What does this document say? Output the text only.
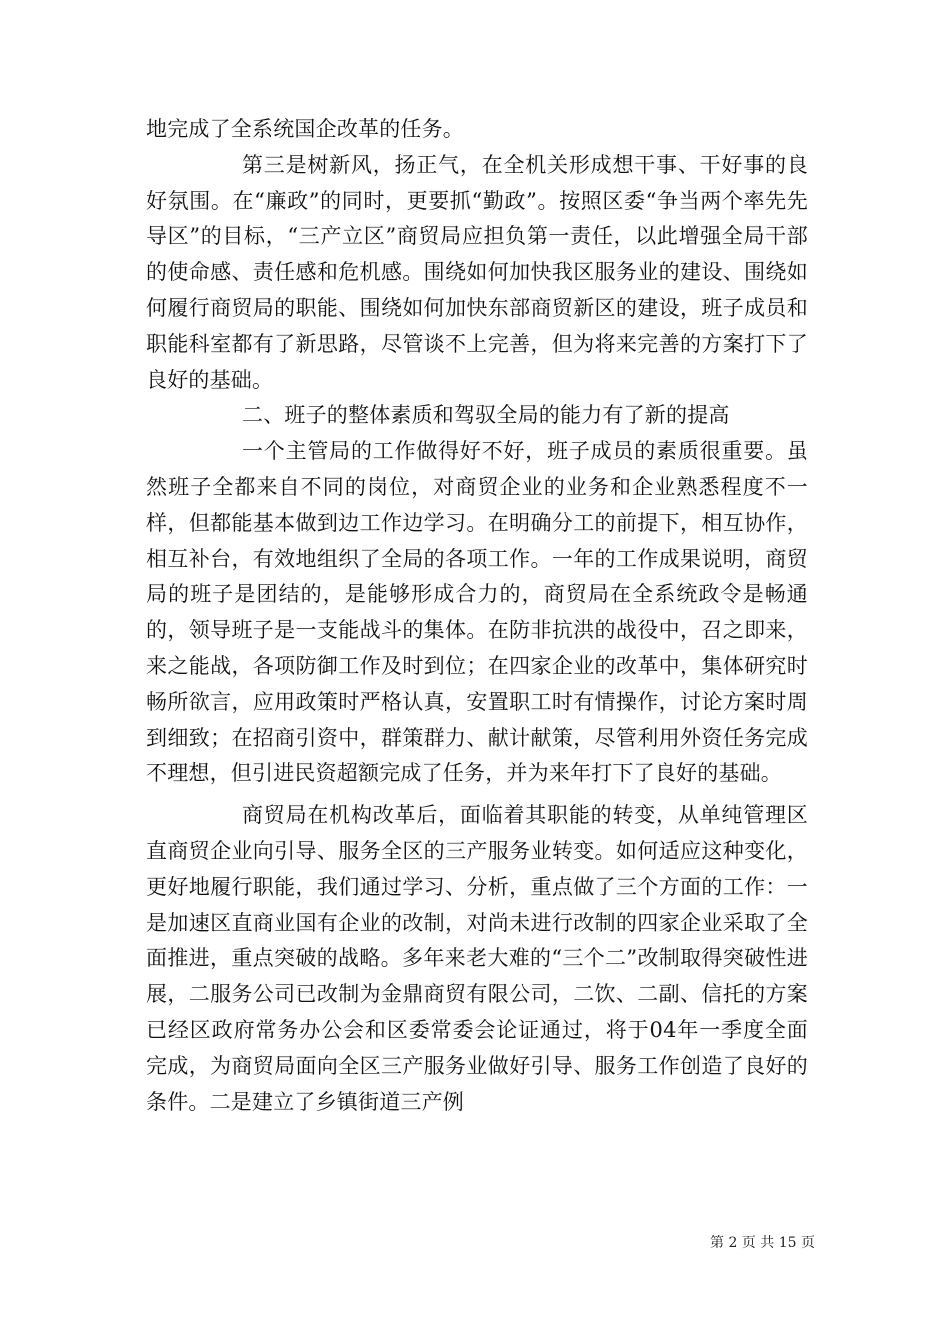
地完成了全系统国企改革的任务。

第三是树新风，扬正气，在全机关形成想干事、干好事的良好氛围。在“廉政”的同时，更要抓“勤政”。按照区委“争当两个率先先导区”的目标，“三产立区”商贸局应担负第一责任，以此增强全局干部的使命感、责任感和危机感。围绕如何加快我区服务业的建设、围绕如何履行商贸局的职能、围绕如何加快东部商贸新区的建设，班子成员和职能科室都有了新思路，尽管谈不上完善，但为将来完善的方案打下了良好的基础。

二、班子的整体素质和驾驭全局的能力有了新的提高

一个主管局的工作做得好不好，班子成员的素质很重要。虽然班子全都来自不同的岗位，对商贸企业的业务和企业熟悉程度不一样，但都能基本做到边工作边学习。在明确分工的前提下，相互协作，相互补台，有效地组织了全局的各项工作。一年的工作成果说明，商贸局的班子是团结的，是能够形成合力的，商贸局在全系统政令是畅通的，领导班子是一支能战斗的集体。在防非抗洪的战役中，召之即来，来之能战，各项防御工作及时到位；在四家企业的改革中，集体研究时畅所欲言，应用政策时严格认真，安置职工时有情操作，讨论方案时周到细致；在招商引资中，群策群力、献计献策，尽管利用外资任务完成不理想，但引进民资超额完成了任务，并为来年打下了良好的基础。

商贸局在机构改革后，面临着其职能的转变，从单纯管理区直商贸企业向引导、服务全区的三产服务业转变。如何适应这种变化，更好地履行职能，我们通过学习、分析，重点做了三个方面的工作：一是加速区直商业国有企业的改制，对尚未进行改制的四家企业采取了全面推进，重点突破的战略。多年来老大难的“三个二”改制取得突破性进展，二服务公司已改制为金鼎商贸有限公司，二饮、二副、信托的方案已经区政府常务办公会和区委常委会论证通过，将于04年一季度全面完成，为商贸局面向全区三产服务业做好引导、服务工作创造了良好的条件。二是建立了乡镇街道三产例

第 2 页 共 15 页
